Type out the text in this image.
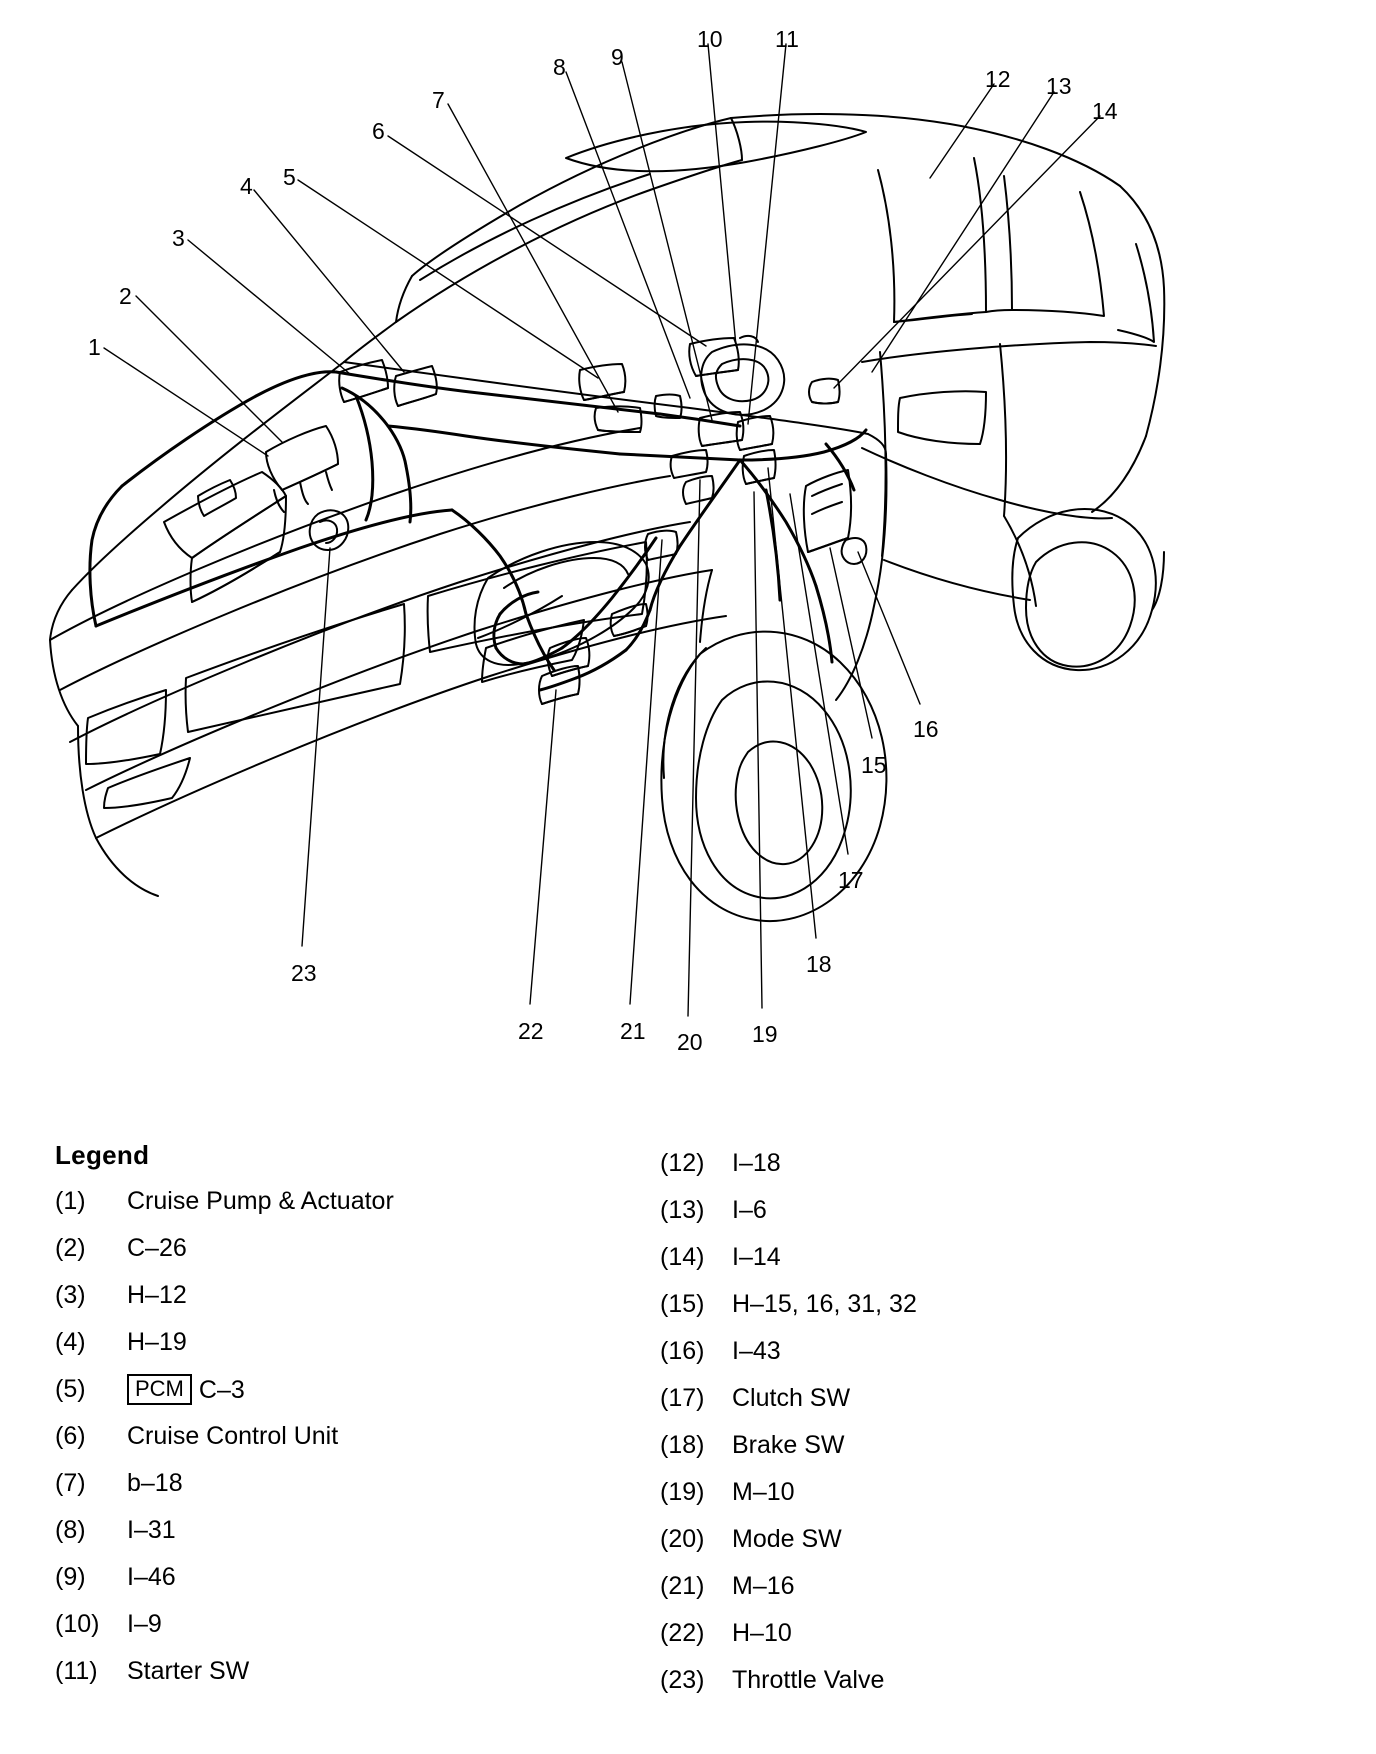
1
2
3
4 5
6
7
8 9
10 11
12 13
14
15
16
17
18
19
20
21
22
23
Legend
(1)	Cruise Pump & Actuator
(2)	C–26
(3)	H–12
(4)	H–19
(5)	PCM C–3
(6)	Cruise Control Unit
(7)	b–18
(8)	I–31
(9)	I–46
(10)	I–9
(11)	Starter SW
(12)	I–18
(13)	I–6
(14)	I–14
(15)	H–15, 16, 31, 32
(16)	I–43
(17)	Clutch SW
(18)	Brake SW
(19)	M–10
(20)	Mode SW
(21)	M–16
(22)	H–10
(23)	Throttle Valve
